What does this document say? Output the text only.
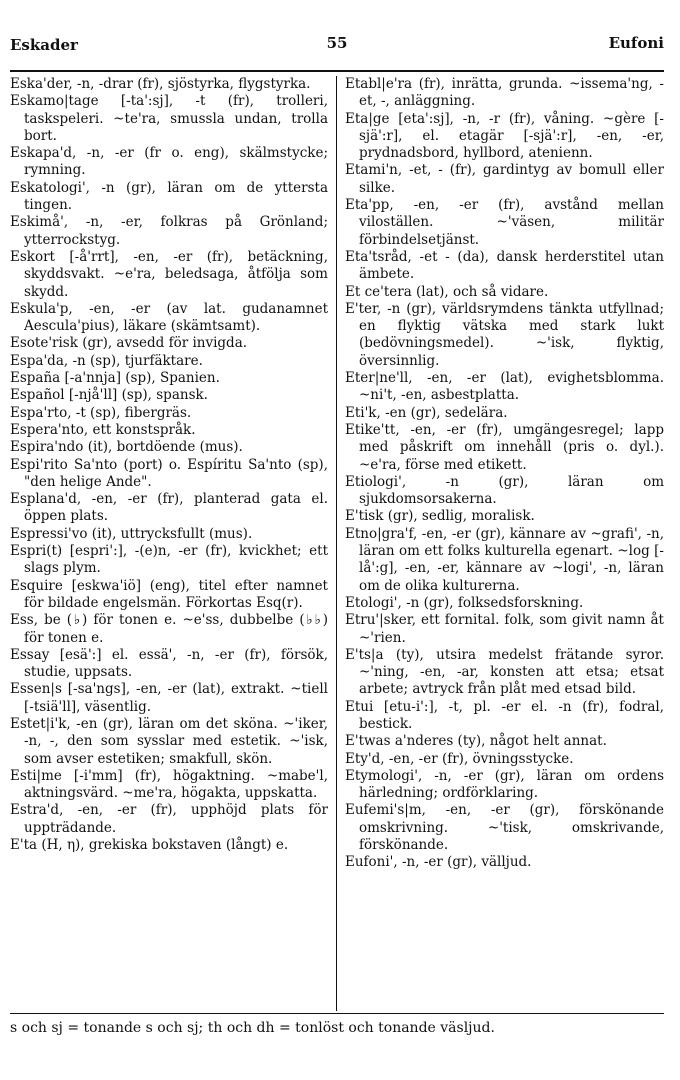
Eskader	55	Eufoni
Eska'der, -n, -drar (fr), sjöstyrka, flygstyrka.
Eskamo|tage [-ta':sj], -t (fr), trolleri, taskspeleri. ~te'ra, smussla undan, trolla bort.
Eskapa'd, -n, -er (fr o. eng), skälmstycke; rymning.
Eskatologi', -n (gr), läran om de yttersta tingen.
Eskimå', -n, -er, folkras på Grönland; ytterrockstyg.
Eskort [-å'rrt], -en, -er (fr), betäckning, skyddsvakt. ~e'ra, beledsaga, åtfölja som skydd.
Eskula'p, -en, -er (av lat. gudanamnet Aescula'pius), läkare (skämtsamt).
Esote'risk (gr), avsedd för invigda.
Espa'da, -n (sp), tjurfäktare.
España [-a'nnja] (sp), Spanien.
Español [-njå'll] (sp), spansk.
Espa'rto, -t (sp), fibergräs.
Espera'nto, ett konstspråk.
Espira'ndo (it), bortdöende (mus).
Espi'rito Sa'nto (port) o. Espíritu Sa'nto (sp), "den helige Ande".
Esplana'd, -en, -er (fr), planterad gata el. öppen plats.
Espressi'vo (it), uttrycksfullt (mus).
Espri(t) [espri':], -(e)n, -er (fr), kvickhet; ett slags plym.
Esquire [eskwa'iö] (eng), titel efter namnet för bildade engelsmän. Förkortas Esq(r).
Ess, be (♭) för tonen e. ~e'ss, dubbelbe (♭♭) för tonen e.
Essay [esä':] el. essä', -n, -er (fr), försök, studie, uppsats.
Essen|s [-sa'ngs], -en, -er (lat), extrakt. ~tiell [-tsiä'll], väsentlig.
Estet|i'k, -en (gr), läran om det sköna. ~'iker, -n, -, den som sysslar med estetik. ~'isk, som avser estetiken; smakfull, skön.
Esti|me [-i'mm] (fr), högaktning. ~mabe'l, aktningsvärd. ~me'ra, högakta, uppskatta.
Estra'd, -en, -er (fr), upphöjd plats för uppträdande.
E'ta (H, η), grekiska bokstaven (långt) e.
Etabl|e'ra (fr), inrätta, grunda. ~issema'ng, -et, -, anläggning.
Eta|ge [eta':sj], -n, -r (fr), våning. ~gère [-sjä':r], el. etagär [-sjä':r], -en, -er, prydnadsbord, hyllbord, atenienn.
Etami'n, -et, - (fr), gardintyg av bomull eller silke.
Eta'pp, -en, -er (fr), avstånd mellan viloställen. ~'väsen, militär förbindelsetjänst.
Eta'tsråd, -et - (da), dansk herderstitel utan ämbete.
Et ce'tera (lat), och så vidare.
E'ter, -n (gr), världsrymdens tänkta utfyllnad; en flyktig vätska med stark lukt (bedövningsmedel). ~'isk, flyktig, översinnlig.
Eter|ne'll, -en, -er (lat), evighetsblomma. ~ni't, -en, asbestplatta.
Eti'k, -en (gr), sedelära.
Etike'tt, -en, -er (fr), umgängesregel; lapp med påskrift om innehåll (pris o. dyl.). ~e'ra, förse med etikett.
Etiologi', -n (gr), läran om sjukdomsorsakerna.
E'tisk (gr), sedlig, moralisk.
Etno|gra'f, -en, -er (gr), kännare av ~grafi', -n, läran om ett folks kulturella egenart. ~log [-lå':g], -en, -er, kännare av ~logi', -n, läran om de olika kulturerna.
Etologi', -n (gr), folksedsforskning.
Etru'|sker, ett fornital. folk, som givit namn åt ~'rien.
E'ts|a (ty), utsira medelst frätande syror. ~'ning, -en, -ar, konsten att etsa; etsat arbete; avtryck från plåt med etsad bild.
Etui [etu-i':], -t, pl. -er el. -n (fr), fodral, bestick.
E'twas a'nderes (ty), något helt annat.
Ety'd, -en, -er (fr), övningsstycke.
Etymologi', -n, -er (gr), läran om ordens härledning; ordförklaring.
Eufemi's|m, -en, -er (gr), förskönande omskrivning. ~'tisk, omskrivande, förskönande.
Eufoni', -n, -er (gr), välljud.
s och sj = tonande s och sj; th och dh = tonlöst och tonande väsljud.
